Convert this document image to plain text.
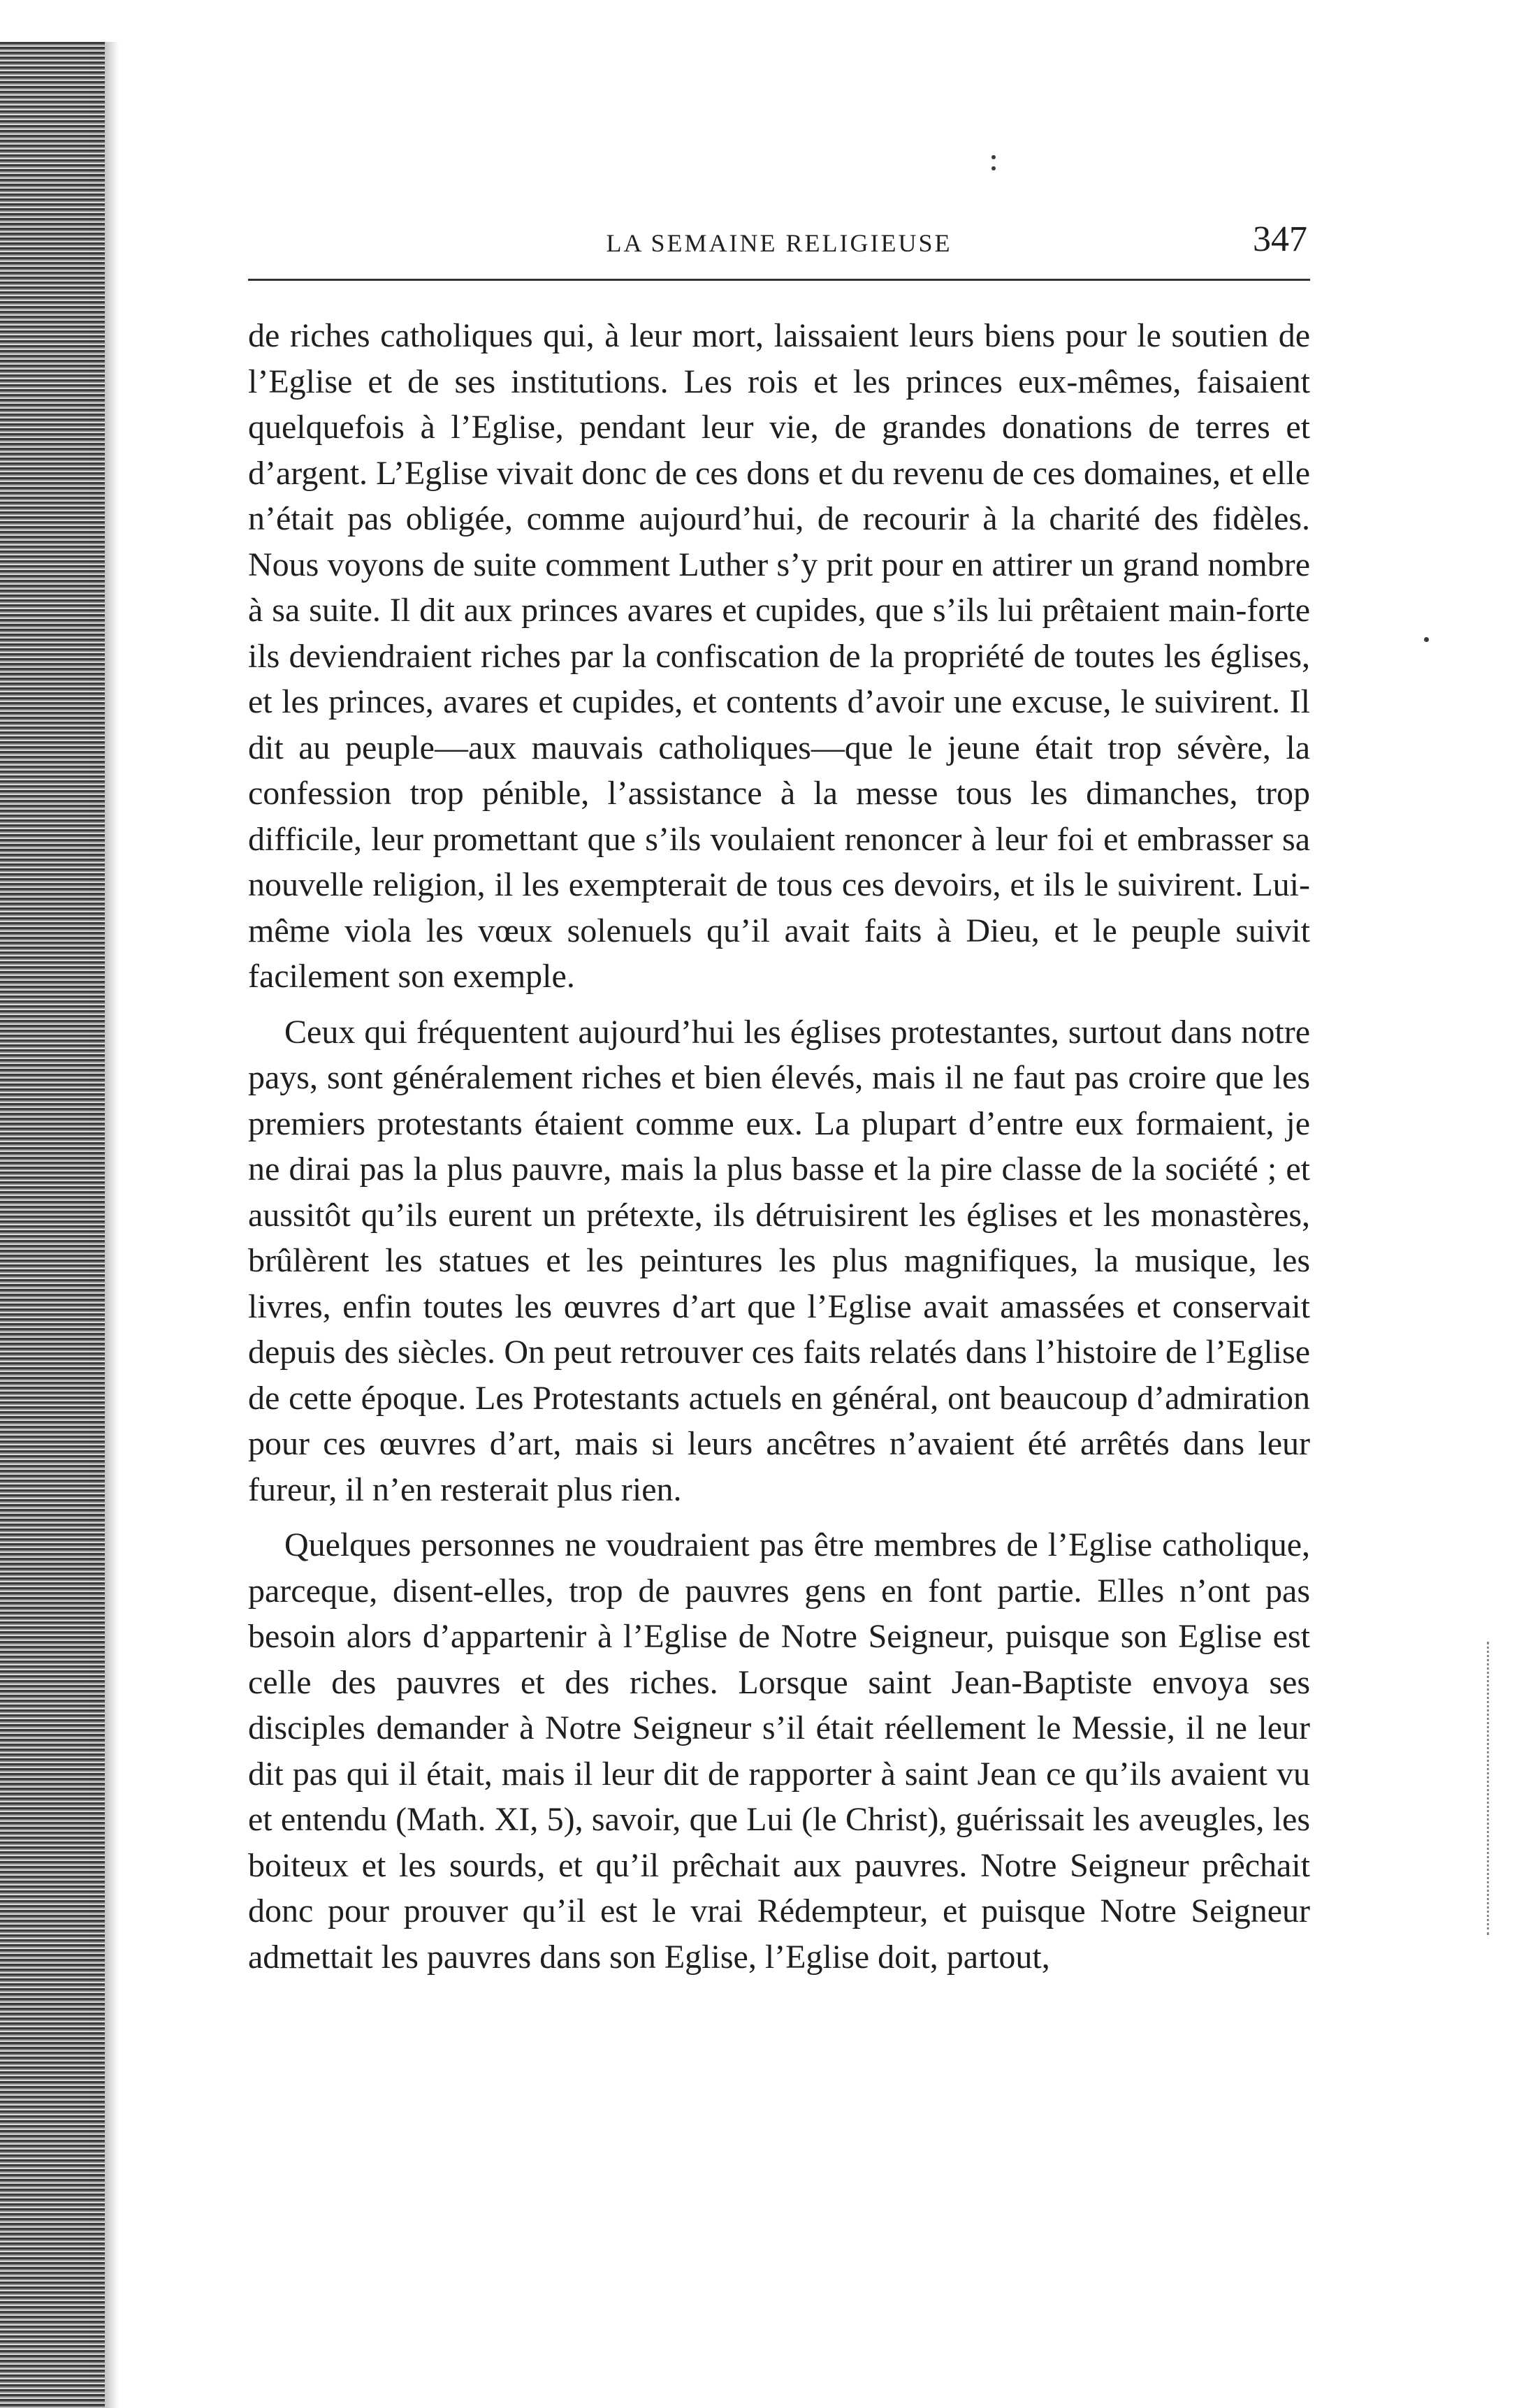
LA SEMAINE RELIGIEUSE	347

de riches catholiques qui, à leur mort, laissaient leurs biens pour le soutien de l’Eglise et de ses institutions. Les rois et les princes eux-mêmes, faisaient quelquefois à l’Eglise, pendant leur vie, de grandes donations de terres et d’argent. L’Eglise vivait donc de ces dons et du revenu de ces domaines, et elle n’était pas obligée, comme aujourd’hui, de recourir à la charité des fidèles. Nous voyons de suite comment Luther s’y prit pour en attirer un grand nombre à sa suite. Il dit aux princes avares et cupides, que s’ils lui prêtaient main-forte ils deviendraient riches par la confiscation de la propriété de toutes les églises, et les princes, avares et cupides, et contents d’avoir une excuse, le suivirent. Il dit au peuple—aux mauvais catholiques—que le jeune était trop sévère, la confession trop pénible, l’assistance à la messe tous les dimanches, trop difficile, leur promettant que s’ils voulaient renoncer à leur foi et embrasser sa nouvelle religion, il les exempterait de tous ces devoirs, et ils le suivirent. Lui-même viola les vœux solenuels qu’il avait faits à Dieu, et le peuple suivit facilement son exemple.

Ceux qui fréquentent aujourd’hui les églises protestantes, surtout dans notre pays, sont généralement riches et bien élevés, mais il ne faut pas croire que les premiers protestants étaient comme eux. La plupart d’entre eux formaient, je ne dirai pas la plus pauvre, mais la plus basse et la pire classe de la société ; et aussitôt qu’ils eurent un prétexte, ils détruisirent les églises et les monastères, brûlèrent les statues et les peintures les plus magnifiques, la musique, les livres, enfin toutes les œuvres d’art que l’Eglise avait amassées et conservait depuis des siècles. On peut retrouver ces faits relatés dans l’histoire de l’Eglise de cette époque. Les Protestants actuels en général, ont beaucoup d’admiration pour ces œuvres d’art, mais si leurs ancêtres n’avaient été arrêtés dans leur fureur, il n’en resterait plus rien.

Quelques personnes ne voudraient pas être membres de l’Eglise catholique, parceque, disent-elles, trop de pauvres gens en font partie. Elles n’ont pas besoin alors d’appartenir à l’Eglise de Notre Seigneur, puisque son Eglise est celle des pauvres et des riches. Lorsque saint Jean-Baptiste envoya ses disciples demander à Notre Seigneur s’il était réellement le Messie, il ne leur dit pas qui il était, mais il leur dit de rapporter à saint Jean ce qu’ils avaient vu et entendu (Math. XI, 5), savoir, que Lui (le Christ), guérissait les aveugles, les boiteux et les sourds, et qu’il prêchait aux pauvres. Notre Seigneur prêchait donc pour prouver qu’il est le vrai Rédempteur, et puisque Notre Seigneur admettait les pauvres dans son Eglise, l’Eglise doit, partout,
